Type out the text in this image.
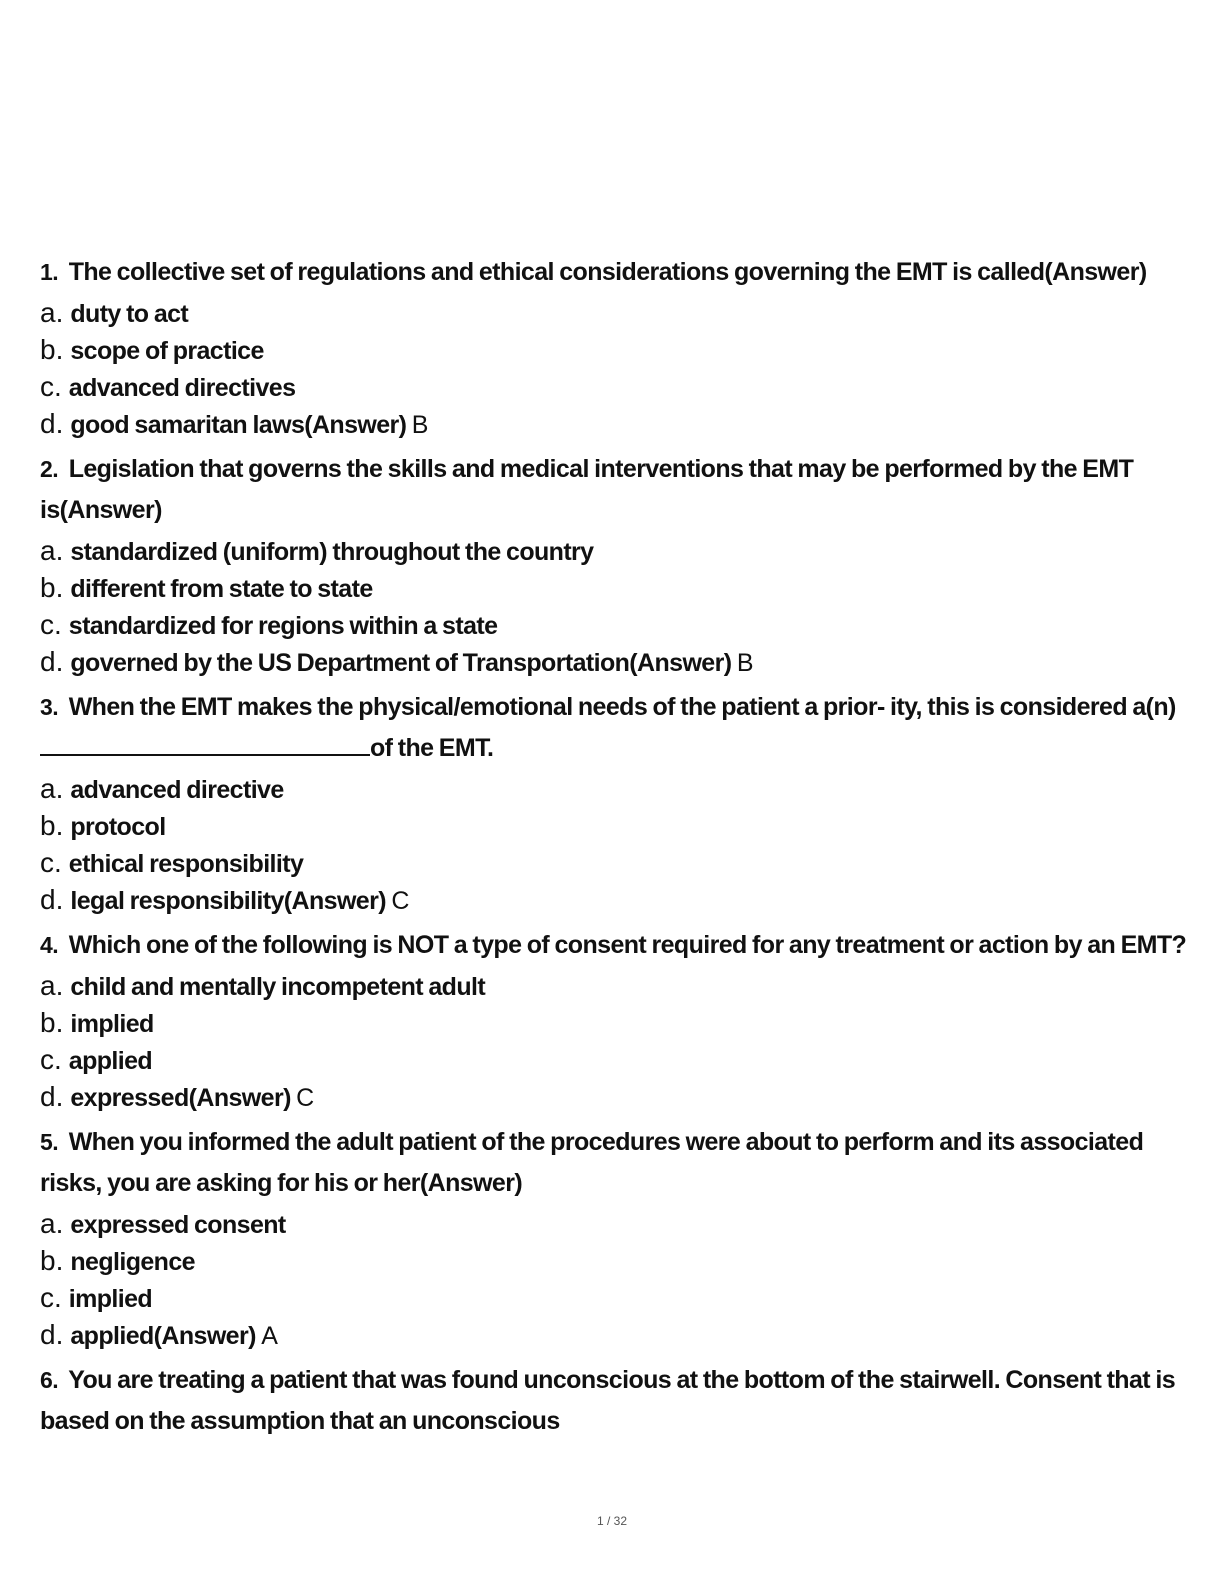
1. The collective set of regulations and ethical considerations governing the EMT is called(Answer)
a. duty to act
b. scope of practice
c. advanced directives
d. good samaritan laws(Answer) B
2. Legislation that governs the skills and medical interventions that may be performed by the EMT is(Answer)
a. standardized (uniform) throughout the country
b. different from state to state
c. standardized for regions within a state
d. governed by the US Department of Transportation(Answer) B
3. When the EMT makes the physical/emotional needs of the patient a prior- ity, this is considered a(n)of the EMT.
a. advanced directive
b. protocol
c. ethical responsibility
d. legal responsibility(Answer) C
4. Which one of the following is NOT a type of consent required for any treatment or action by an EMT?
a. child and mentally incompetent adult
b. implied
c. applied
d. expressed(Answer) C
5. When you informed the adult patient of the procedures were about to perform and its associated risks, you are asking for his or her(Answer)
a. expressed consent
b. negligence
c. implied
d. applied(Answer) A
6. You are treating a patient that was found unconscious at the bottom of the stairwell. Consent that is based on the assumption that an unconscious
1 / 32
